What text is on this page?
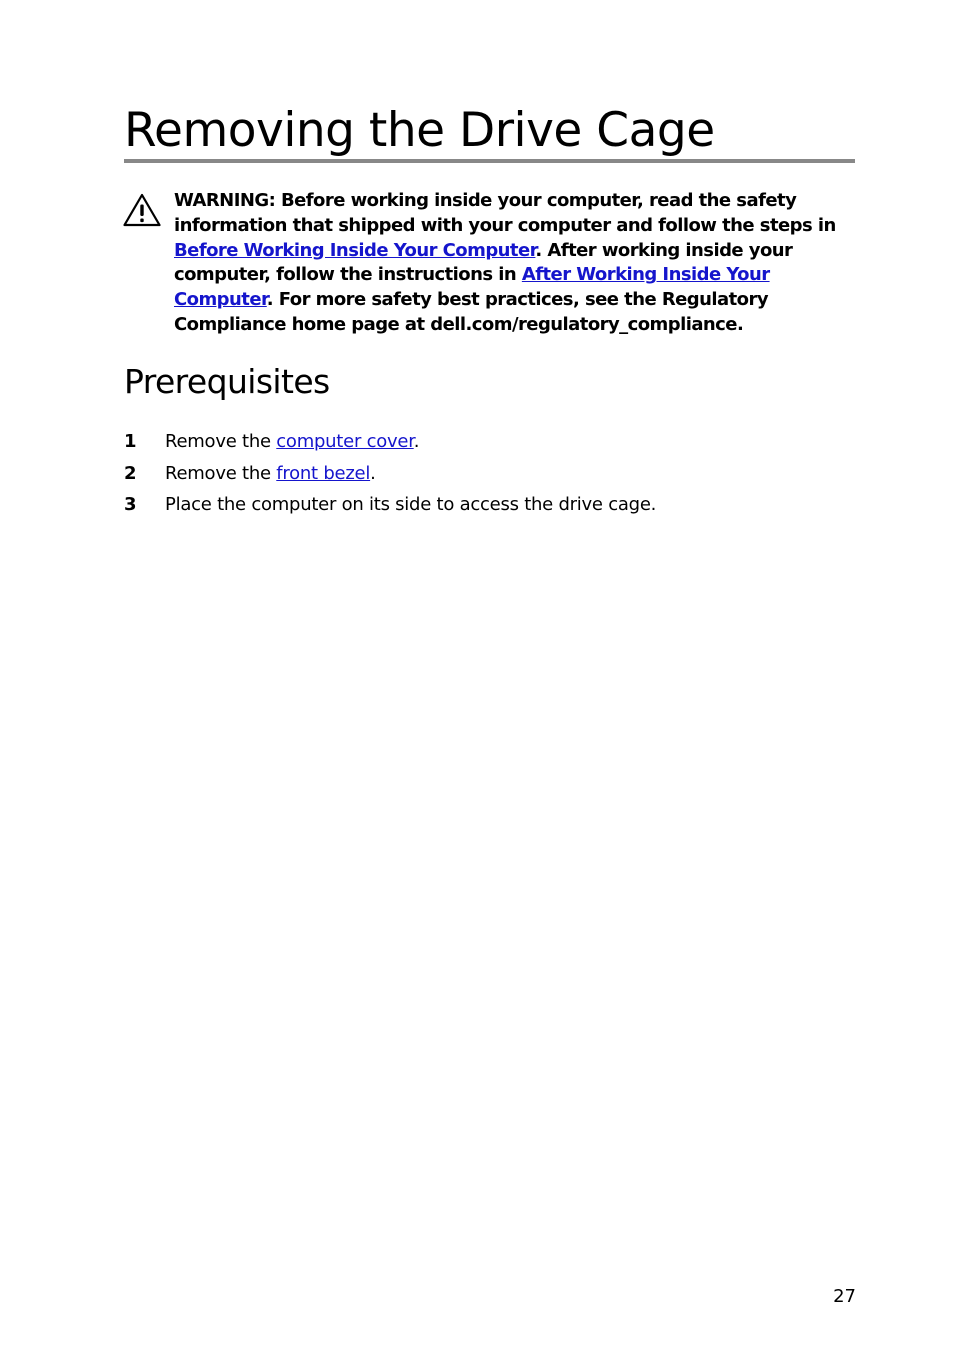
Removing the Drive Cage

WARNING: Before working inside your computer, read the safety information that shipped with your computer and follow the steps in Before Working Inside Your Computer. After working inside your computer, follow the instructions in After Working Inside Your Computer. For more safety best practices, see the Regulatory Compliance home page at dell.com/regulatory_compliance.

Prerequisites
1 Remove the computer cover.
2 Remove the front bezel.
3 Place the computer on its side to access the drive cage.
27
